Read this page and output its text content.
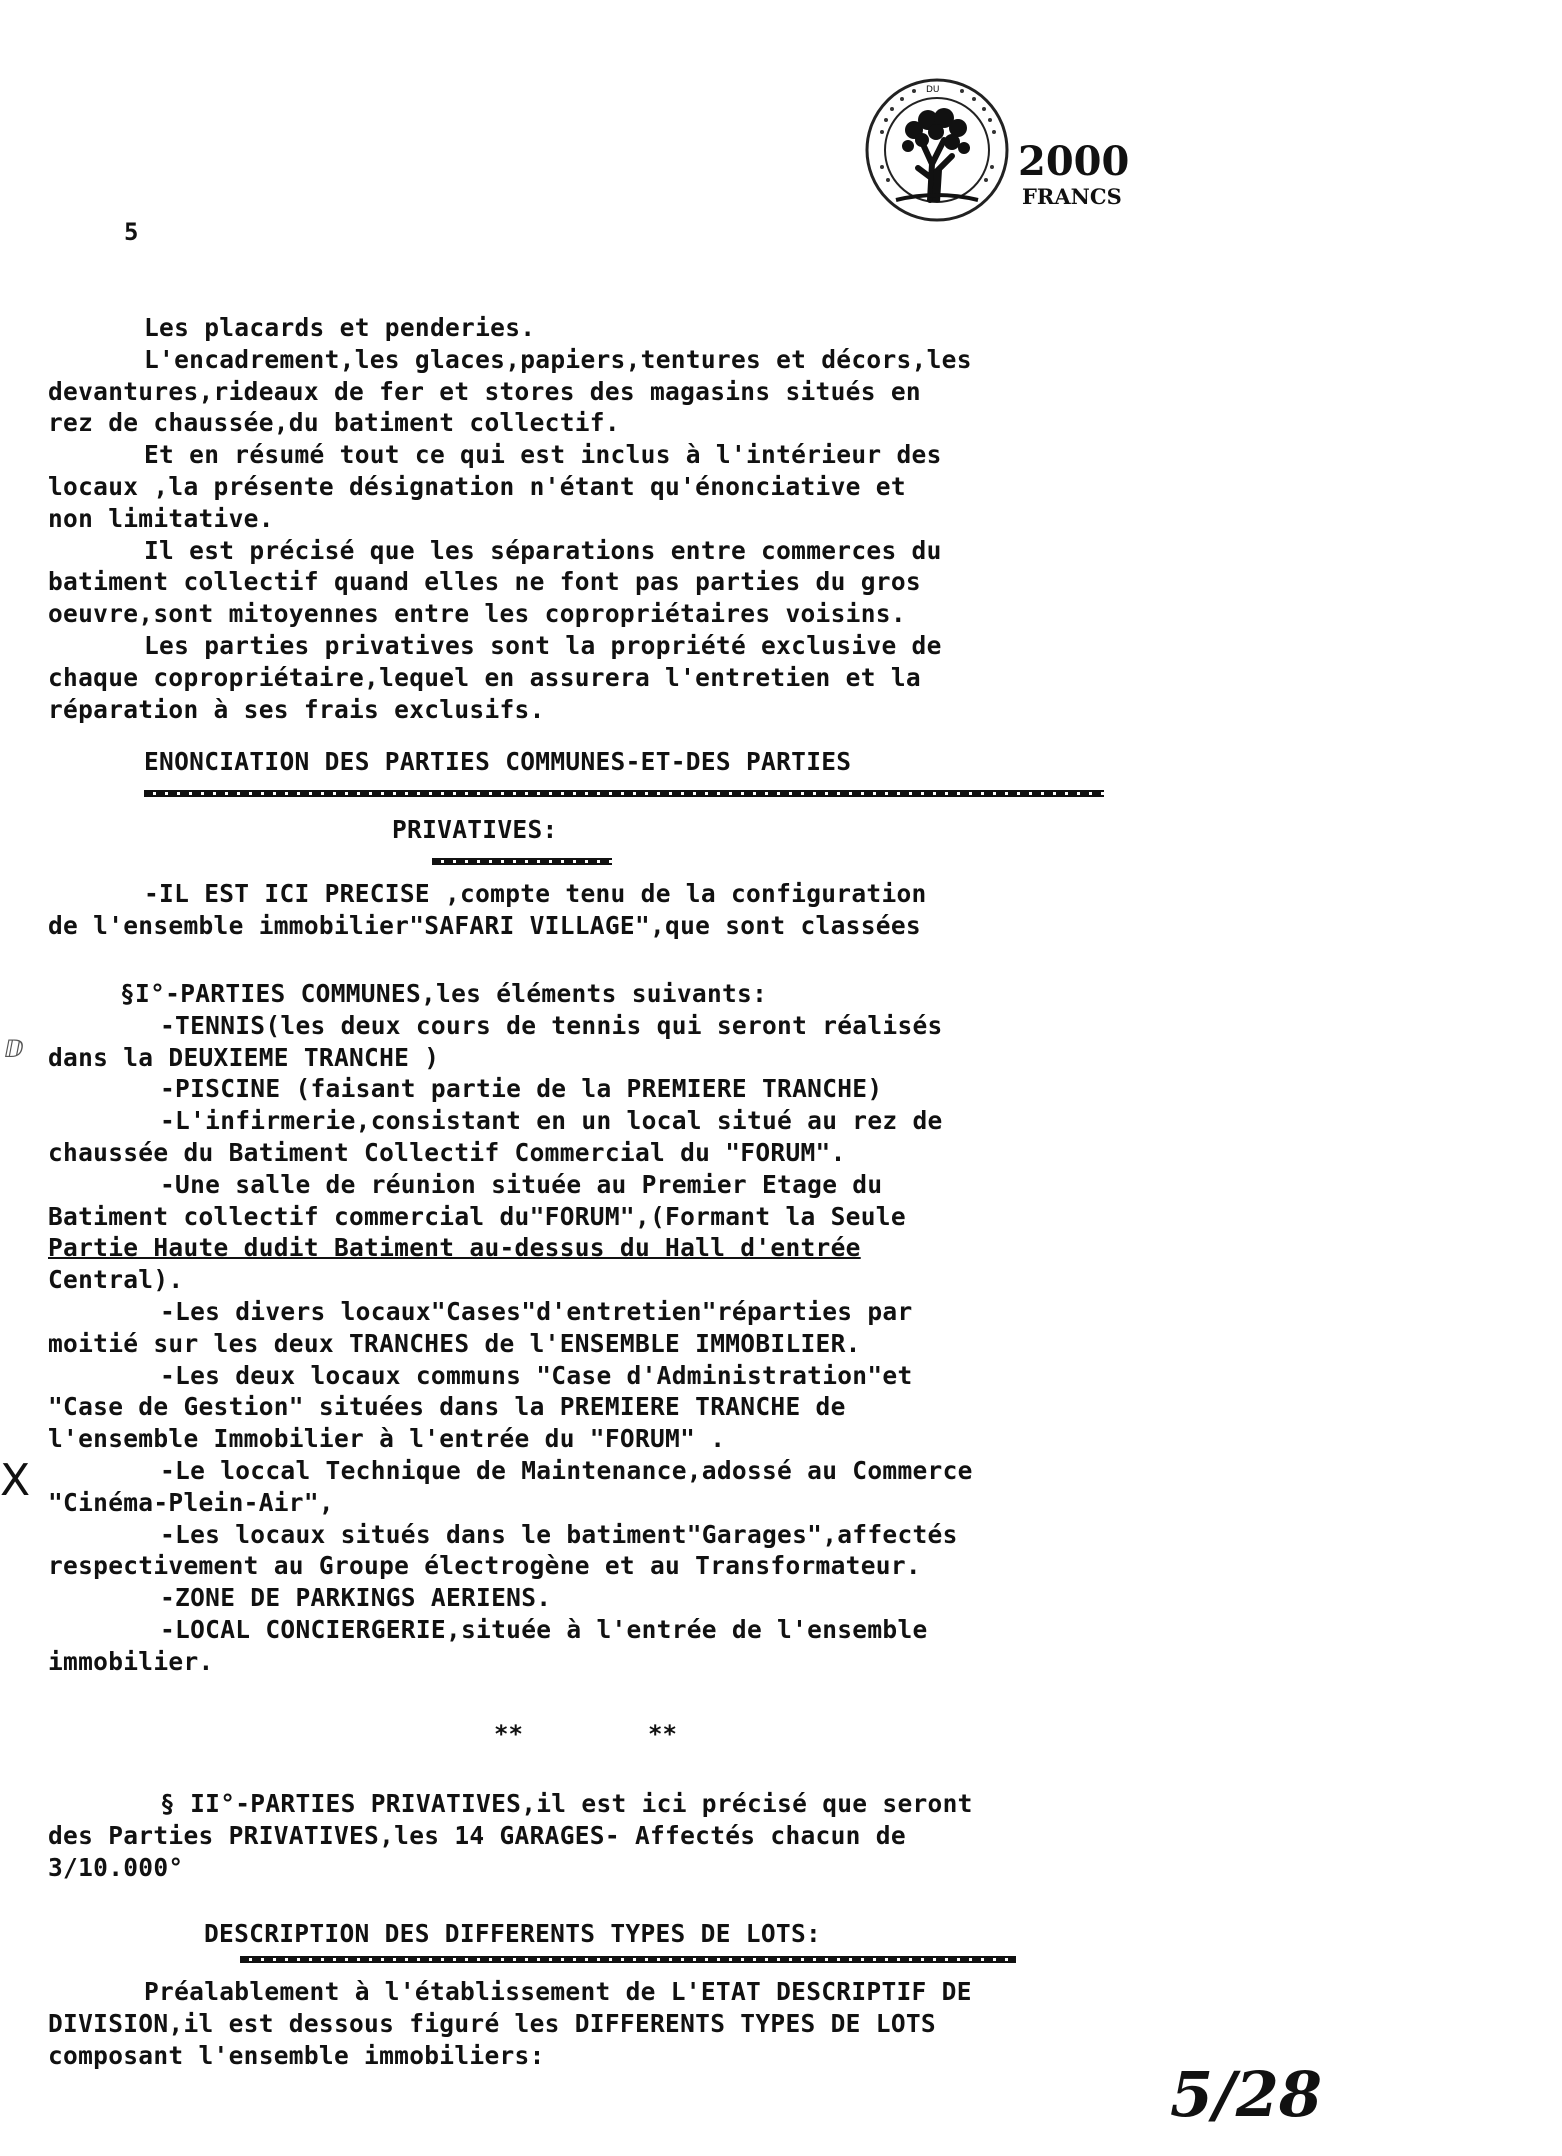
5
DU
2000
FRANCS
Les placards et penderies.
L'encadrement,les glaces,papiers,tentures et décors,les
devantures,rideaux de fer et stores des magasins situés en
rez de chaussée,du batiment collectif.
Et en résumé tout ce qui est inclus à l'intérieur des
locaux ,la présente désignation n'étant qu'énonciative et
non limitative.
Il est précisé que les séparations entre commerces du
batiment collectif quand elles ne font pas parties du gros
oeuvre,sont mitoyennes entre les copropriétaires voisins.
Les parties privatives sont la propriété exclusive de
chaque copropriétaire,lequel en assurera l'entretien et la
réparation à ses frais exclusifs.
ENONCIATION DES PARTIES COMMUNES-ET-DES PARTIES
PRIVATIVES:
-IL EST ICI PRECISE ,compte tenu de la configuration
de l'ensemble immobilier"SAFARI VILLAGE",que sont classées
§I°-PARTIES COMMUNES,les éléments suivants:
-TENNIS(les deux cours de tennis qui seront réalisés
dans la DEUXIEME TRANCHE )
-PISCINE (faisant partie de la PREMIERE TRANCHE)
-L'infirmerie,consistant en un local situé au rez de
chaussée du Batiment Collectif Commercial du "FORUM".
-Une salle de réunion située au Premier Etage du
Batiment collectif commercial du"FORUM",(Formant la Seule
Partie Haute dudit Batiment au-dessus du Hall d'entrée
Central).
-Les divers locaux"Cases"d'entretien"réparties par
moitié sur les deux TRANCHES de l'ENSEMBLE IMMOBILIER.
-Les deux locaux communs "Case d'Administration"et
"Case de Gestion" situées dans la PREMIERE TRANCHE de
l'ensemble Immobilier à l'entrée du "FORUM" .
-Le loccal Technique de Maintenance,adossé au Commerce
"Cinéma-Plein-Air",
-Les locaux situés dans le batiment"Garages",affectés
respectivement au Groupe électrogène et au Transformateur.
-ZONE DE PARKINGS AERIENS.
-LOCAL CONCIERGERIE,située à l'entrée de l'ensemble
immobilier.
**	**
§ II°-PARTIES PRIVATIVES,il est ici précisé que seront
des Parties PRIVATIVES,les 14 GARAGES- Affectés chacun de
3/10.000°
DESCRIPTION DES DIFFERENTS TYPES DE LOTS:
Préalablement à l'établissement de L'ETAT DESCRIPTIF DE
DIVISION,il est dessous figuré les DIFFERENTS TYPES DE LOTS
composant l'ensemble immobiliers:
5/28
X
ⅅ
